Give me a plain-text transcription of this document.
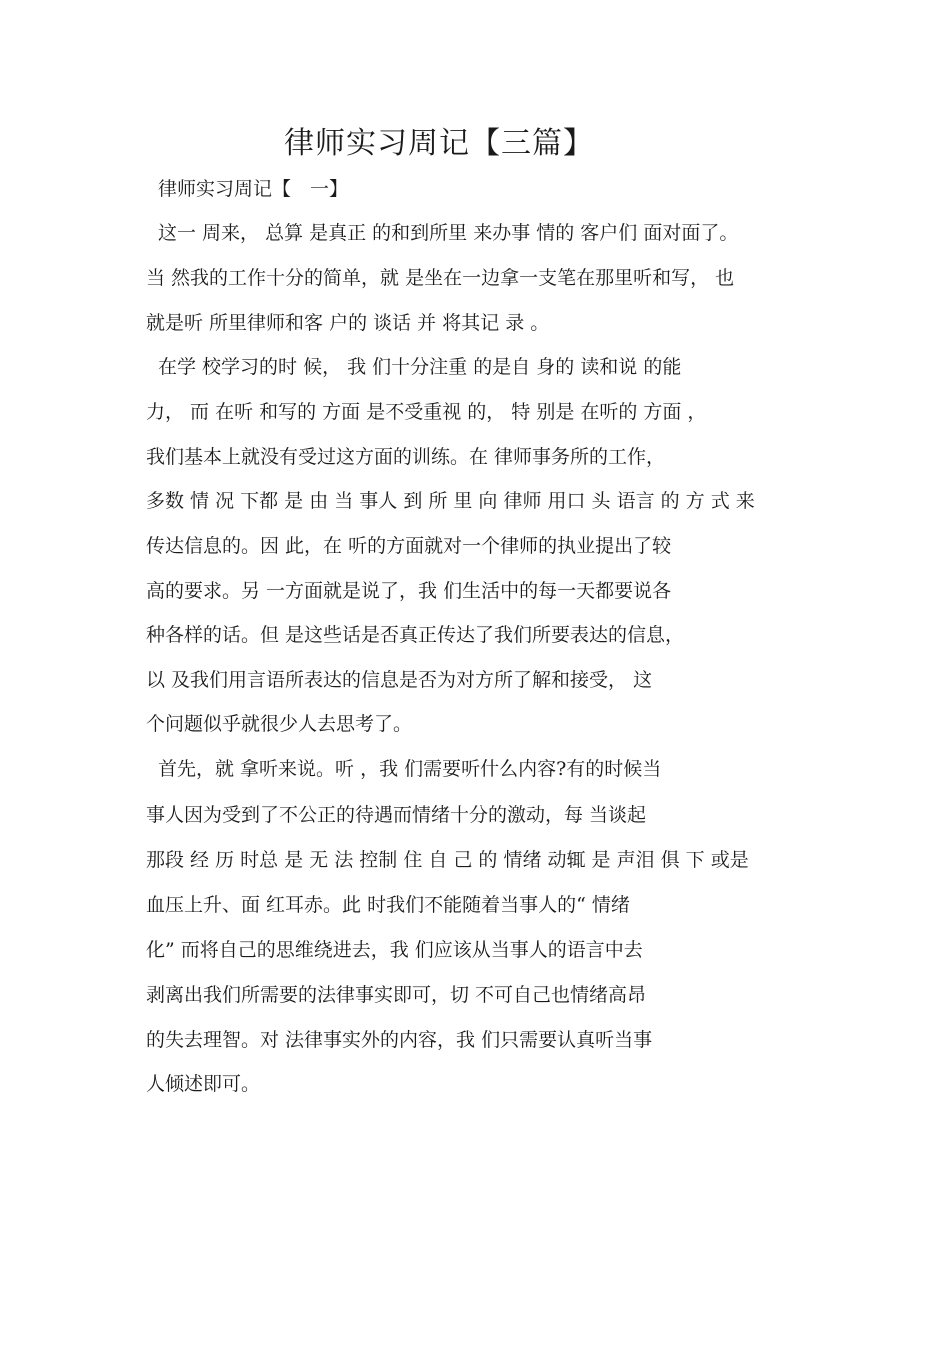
律师实习周记【三篇】
律师实习周记【　一】
这一 周来， 总算 是真正 的和到所里 来办事 情的 客户们 面对面了。
当 然我的工作十分的简单，就 是坐在一边拿一支笔在那里听和写， 也
就是听 所里律师和客 户的 谈话 并 将其记 录 。
在学 校学习的时 候， 我 们十分注重 的是自 身的 读和说 的能
力， 而 在听 和写的 方面 是不受重视 的， 特 别是 在听的 方面 ，
我们基本上就没有受过这方面的训练。在 律师事务所的工作，
多数 情 况 下都 是 由 当 事人 到 所 里 向 律师 用口 头 语言 的 方 式 来
传达信息的。因 此，在 听的方面就对一个律师的执业提出了较
高的要求。另 一方面就是说了，我 们生活中的每一天都要说各
种各样的话。但 是这些话是否真正传达了我们所要表达的信息，
以 及我们用言语所表达的信息是否为对方所了解和接受， 这
个问题似乎就很少人去思考了。
首先，就 拿听来说。听 ，我 们需要听什么内容?有的时候当
事人因为受到了不公正的待遇而情绪十分的激动，每 当谈起
那段 经 历 时总 是 无 法 控制 住 自 己 的 情绪 动辄 是 声泪 俱 下 或是
血压上升、面 红耳赤。此 时我们不能随着当事人的“ 情绪
化” 而将自己的思维绕进去，我 们应该从当事人的语言中去
剥离出我们所需要的法律事实即可，切 不可自己也情绪高昂
的失去理智。对 法律事实外的内容，我 们只需要认真听当事
人倾述即可。
